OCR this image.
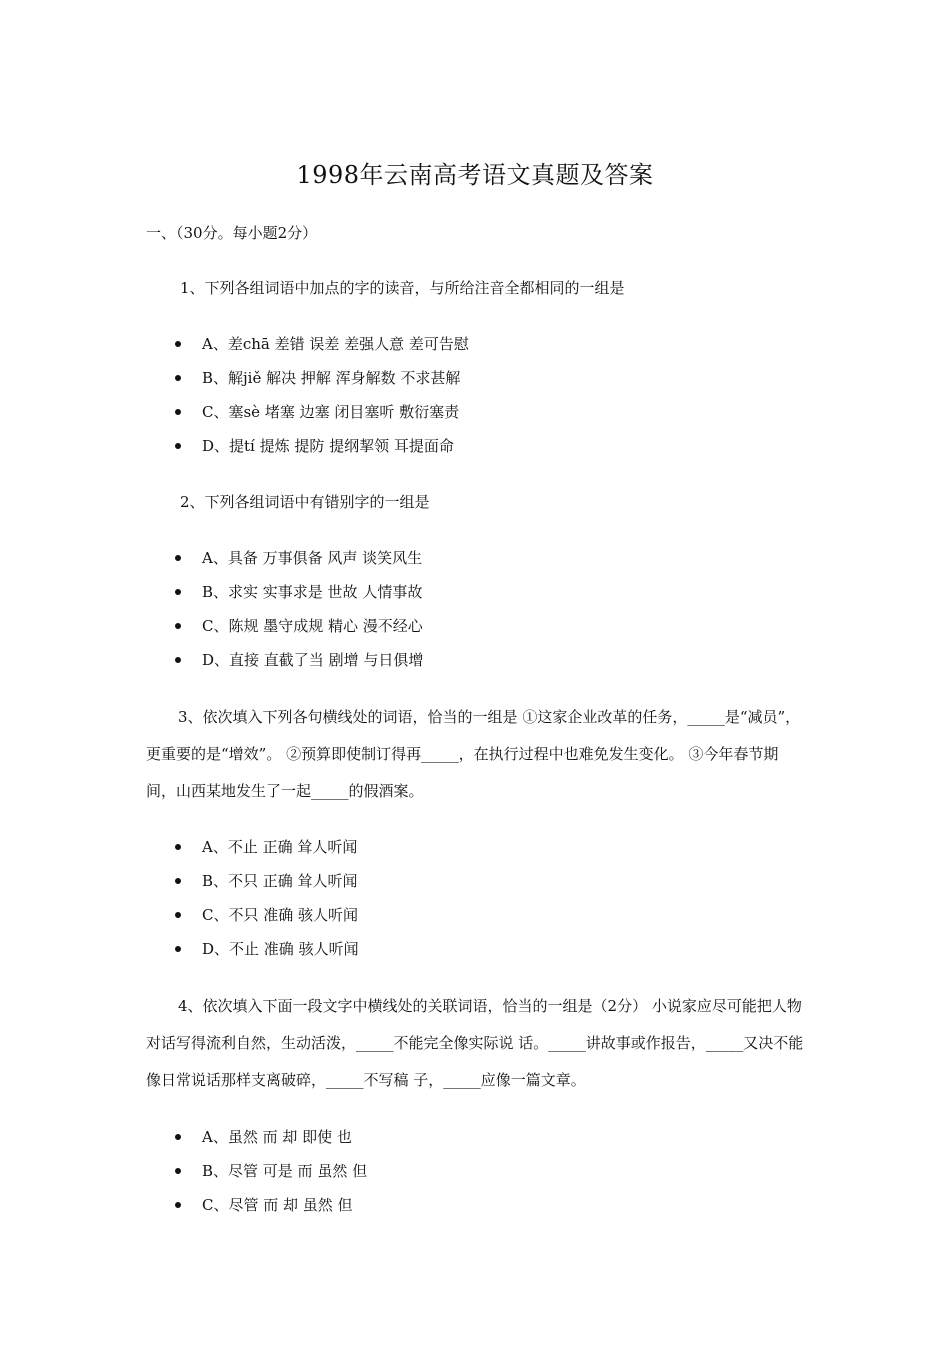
1998年云南高考语文真题及答案
一、（30分。每小题2分）
1、下列各组词语中加点的字的读音，与所给注音全都相同的一组是
A、差chā 差错 误差 差强人意 差可告慰
B、解jiě 解决 押解 浑身解数 不求甚解
C、塞sè 堵塞 边塞 闭目塞听 敷衍塞责
D、提tí 提炼 提防 提纲挈领 耳提面命
2、下列各组词语中有错别字的一组是
A、具备 万事俱备 风声 谈笑风生
B、求实 实事求是 世故 人情事故
C、陈规 墨守成规 精心 漫不经心
D、直接 直截了当 剧增 与日俱增
3、依次填入下列各句横线处的词语，恰当的一组是 ①这家企业改革的任务，_____是“减员”，更重要的是“增效”。 ②预算即使制订得再_____，在执行过程中也难免发生变化。 ③今年春节期间，山西某地发生了一起_____的假酒案。
A、不止 正确 耸人听闻
B、不只 正确 耸人听闻
C、不只 准确 骇人听闻
D、不止 准确 骇人听闻
4、依次填入下面一段文字中横线处的关联词语，恰当的一组是（2分） 小说家应尽可能把人物对话写得流利自然，生动活泼，_____不能完全像实际说 话。_____讲故事或作报告，_____又决不能像日常说话那样支离破碎，_____不写稿 子，_____应像一篇文章。
A、虽然 而 却 即使 也
B、尽管 可是 而 虽然 但
C、尽管 而 却 虽然 但
